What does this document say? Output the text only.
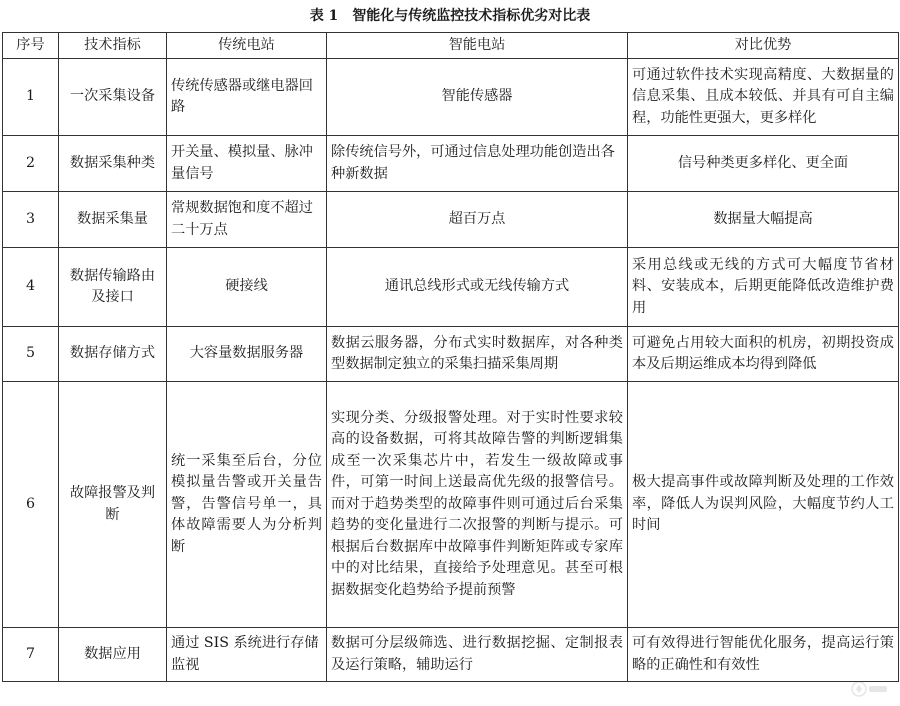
表 1 智能化与传统监控技术指标优劣对比表
序号	技术指标	传统电站	智能电站	对比优势
1	一次采集设备	传统传感器或继电器回路	智能传感器	可通过软件技术实现高精度、大数据量的信息采集、且成本较低、并具有可自主编程，功能性更强大，更多样化
2	数据采集种类	开关量、模拟量、脉冲量信号	除传统信号外，可通过信息处理功能创造出各种新数据	信号种类更多样化、更全面
3	数据采集量	常规数据饱和度不超过二十万点	超百万点	数据量大幅提高
4	数据传输路由及接口	硬接线	通讯总线形式或无线传输方式	采用总线或无线的方式可大幅度节省材料、安装成本，后期更能降低改造维护费用
5	数据存储方式	大容量数据服务器	数据云服务器，分布式实时数据库，对各种类型数据制定独立的采集扫描采集周期	可避免占用较大面积的机房，初期投资成本及后期运维成本均得到降低
6	故障报警及判断	统一采集至后台，分位模拟量告警或开关量告警，告警信号单一，具体故障需要人为分析判断	实现分类、分级报警处理。对于实时性要求较高的设备数据，可将其故障告警的判断逻辑集成至一次采集芯片中，若发生一级故障或事件，可第一时间上送最高优先级的报警信号。而对于趋势类型的故障事件则可通过后台采集趋势的变化量进行二次报警的判断与提示。可根据后台数据库中故障事件判断矩阵或专家库中的对比结果，直接给予处理意见。甚至可根据数据变化趋势给予提前预警	极大提高事件或故障判断及处理的工作效率，降低人为误判风险，大幅度节约人工时间
7	数据应用	通过 SIS 系统进行存储监视	数据可分层级筛选、进行数据挖掘、定制报表及运行策略，辅助运行	可有效得进行智能优化服务，提高运行策略的正确性和有效性
